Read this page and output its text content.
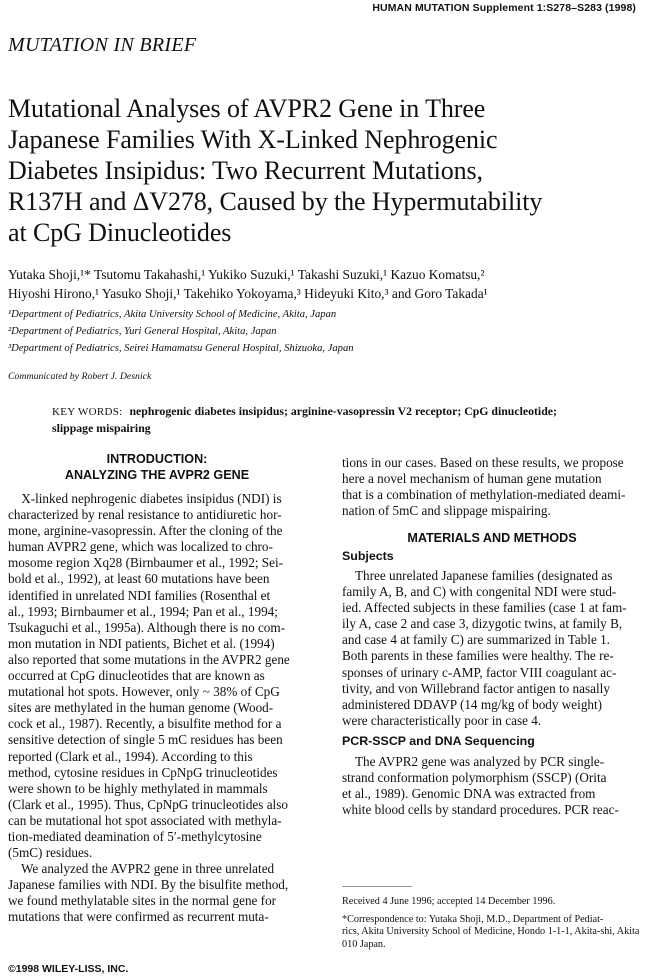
HUMAN MUTATION Supplement 1:S278–S283 (1998)
MUTATION IN BRIEF
Mutational Analyses of AVPR2 Gene in Three
Japanese Families With X-Linked Nephrogenic
Diabetes Insipidus: Two Recurrent Mutations,
R137H and ΔV278, Caused by the Hypermutability
at CpG Dinucleotides
Yutaka Shoji,¹* Tsutomu Takahashi,¹ Yukiko Suzuki,¹ Takashi Suzuki,¹ Kazuo Komatsu,²
Hiyoshi Hirono,¹ Yasuko Shoji,¹ Takehiko Yokoyama,³ Hideyuki Kito,³ and Goro Takada¹
¹Department of Pediatrics, Akita University School of Medicine, Akita, Japan
²Department of Pediatrics, Yuri General Hospital, Akita, Japan
³Department of Pediatrics, Seirei Hamamatsu General Hospital, Shizuoka, Japan
Communicated by Robert J. Desnick
KEY WORDS: nephrogenic diabetes insipidus; arginine-vasopressin V2 receptor; CpG dinucleotide;
slippage mispairing
INTRODUCTION:
ANALYZING THE AVPR2 GENE
X-linked nephrogenic diabetes insipidus (NDI) is
characterized by renal resistance to antidiuretic hor-
mone, arginine-vasopressin. After the cloning of the
human AVPR2 gene, which was localized to chro-
mosome region Xq28 (Birnbaumer et al., 1992; Sei-
bold et al., 1992), at least 60 mutations have been
identified in unrelated NDI families (Rosenthal et
al., 1993; Birnbaumer et al., 1994; Pan et al., 1994;
Tsukaguchi et al., 1995a). Although there is no com-
mon mutation in NDI patients, Bichet et al. (1994)
also reported that some mutations in the AVPR2 gene
occurred at CpG dinucleotides that are known as
mutational hot spots. However, only ~ 38% of CpG
sites are methylated in the human genome (Wood-
cock et al., 1987). Recently, a bisulfite method for a
sensitive detection of single 5 mC residues has been
reported (Clark et al., 1994). According to this
method, cytosine residues in CpNpG trinucleotides
were shown to be highly methylated in mammals
(Clark et al., 1995). Thus, CpNpG trinucleotides also
can be mutational hot spot associated with methyla-
tion-mediated deamination of 5′-methylcytosine
(5mC) residues.
We analyzed the AVPR2 gene in three unrelated
Japanese families with NDI. By the bisulfite method,
we found methylatable sites in the normal gene for
mutations that were confirmed as recurrent muta-
tions in our cases. Based on these results, we propose
here a novel mechanism of human gene mutation
that is a combination of methylation-mediated deami-
nation of 5mC and slippage mispairing.
MATERIALS AND METHODS
Subjects
Three unrelated Japanese families (designated as
family A, B, and C) with congenital NDI were stud-
ied. Affected subjects in these families (case 1 at fam-
ily A, case 2 and case 3, dizygotic twins, at family B,
and case 4 at family C) are summarized in Table 1.
Both parents in these families were healthy. The re-
sponses of urinary c-AMP, factor VIII coagulant ac-
tivity, and von Willebrand factor antigen to nasally
administered DDAVP (14 mg/kg of body weight)
were characteristically poor in case 4.
PCR-SSCP and DNA Sequencing
The AVPR2 gene was analyzed by PCR single-
strand conformation polymorphism (SSCP) (Orita
et al., 1989). Genomic DNA was extracted from
white blood cells by standard procedures. PCR reac-
Received 4 June 1996; accepted 14 December 1996.
*Correspondence to: Yutaka Shoji, M.D., Department of Pediat-
rics, Akita University School of Medicine, Hondo 1-1-1, Akita-shi, Akita
010 Japan.
©1998 WILEY-LISS, INC.
